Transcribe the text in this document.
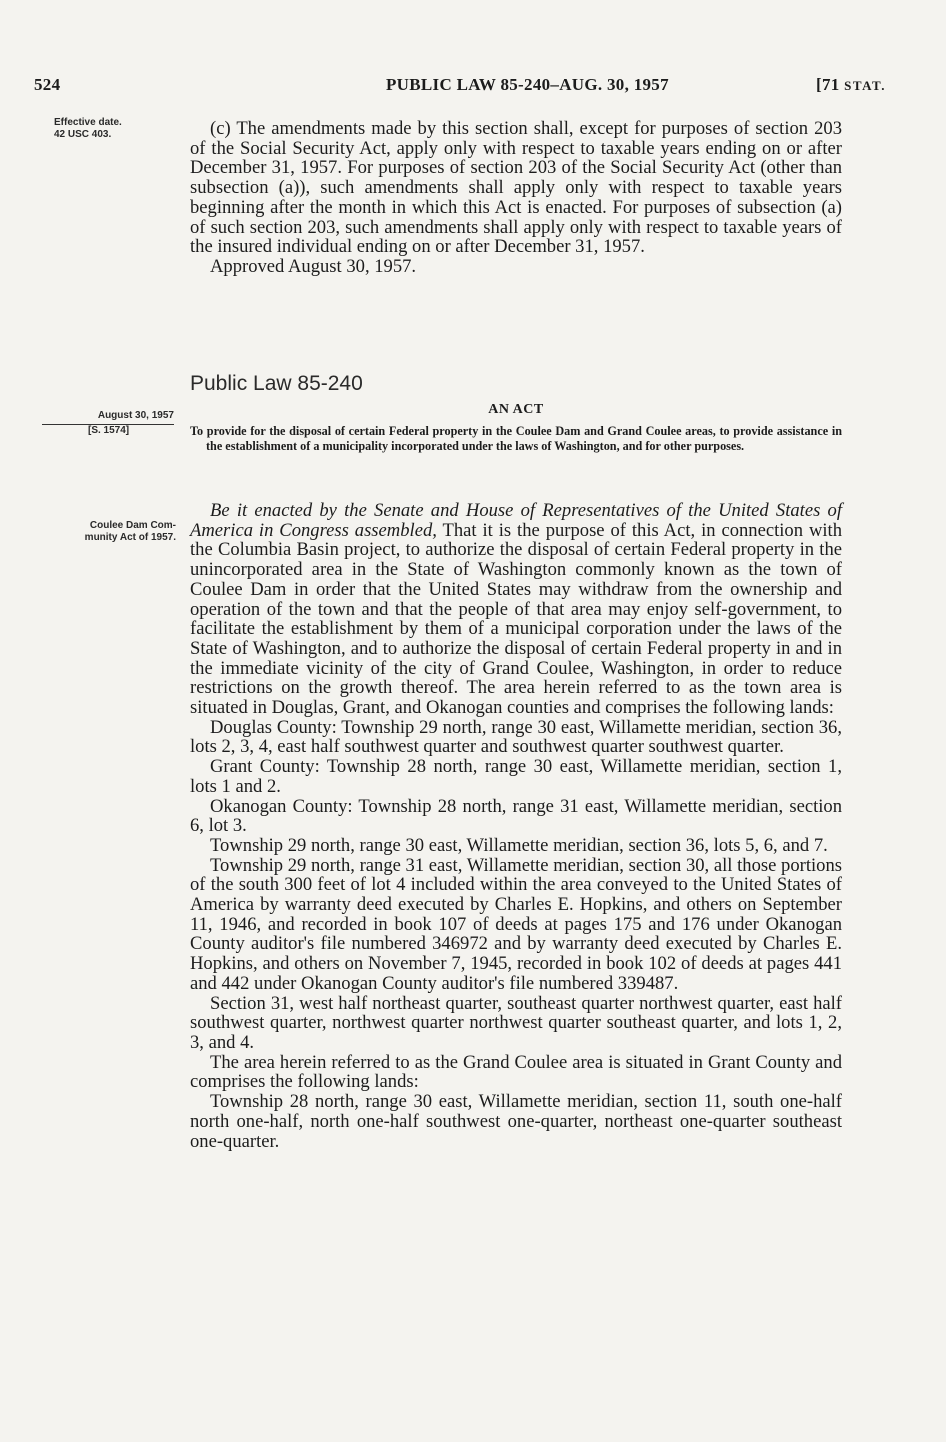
524	PUBLIC LAW 85-240–AUG. 30, 1957	[71 STAT.
Effective date.
42 USC 403.
August 30, 1957
[S. 1574]
Coulee Dam Com-
munity Act of 1957.

(c) The amendments made by this section shall, except for purposes of section 203 of the Social Security Act, apply only with respect to taxable years ending on or after December 31, 1957. For purposes of section 203 of the Social Security Act (other than subsection (a)), such amendments shall apply only with respect to taxable years beginning after the month in which this Act is enacted. For purposes of subsection (a) of such section 203, such amendments shall apply only with respect to taxable years of the insured individual ending on or after December 31, 1957.

Approved August 30, 1957.

Public Law 85-240
AN ACT
To provide for the disposal of certain Federal property in the Coulee Dam and Grand Coulee areas, to provide assistance in the establishment of a municipality incorporated under the laws of Washington, and for other purposes.

Be it enacted by the Senate and House of Representatives of the United States of America in Congress assembled, That it is the purpose of this Act, in connection with the Columbia Basin project, to authorize the disposal of certain Federal property in the unincorporated area in the State of Washington commonly known as the town of Coulee Dam in order that the United States may withdraw from the ownership and operation of the town and that the people of that area may enjoy self-government, to facilitate the establishment by them of a municipal corporation under the laws of the State of Washington, and to authorize the disposal of certain Federal property in and in the immediate vicinity of the city of Grand Coulee, Washington, in order to reduce restrictions on the growth thereof. The area herein referred to as the town area is situated in Douglas, Grant, and Okanogan counties and comprises the following lands:

Douglas County: Township 29 north, range 30 east, Willamette meridian, section 36, lots 2, 3, 4, east half southwest quarter and southwest quarter southwest quarter.

Grant County: Township 28 north, range 30 east, Willamette meridian, section 1, lots 1 and 2.

Okanogan County: Township 28 north, range 31 east, Willamette meridian, section 6, lot 3.

Township 29 north, range 30 east, Willamette meridian, section 36, lots 5, 6, and 7.

Township 29 north, range 31 east, Willamette meridian, section 30, all those portions of the south 300 feet of lot 4 included within the area conveyed to the United States of America by warranty deed executed by Charles E. Hopkins, and others on September 11, 1946, and recorded in book 107 of deeds at pages 175 and 176 under Okanogan County auditor's file numbered 346972 and by warranty deed executed by Charles E. Hopkins, and others on November 7, 1945, recorded in book 102 of deeds at pages 441 and 442 under Okanogan County auditor's file numbered 339487.

Section 31, west half northeast quarter, southeast quarter northwest quarter, east half southwest quarter, northwest quarter northwest quarter southeast quarter, and lots 1, 2, 3, and 4.

The area herein referred to as the Grand Coulee area is situated in Grant County and comprises the following lands:

Township 28 north, range 30 east, Willamette meridian, section 11, south one-half north one-half, north one-half southwest one-quarter, northeast one-quarter southeast one-quarter.
